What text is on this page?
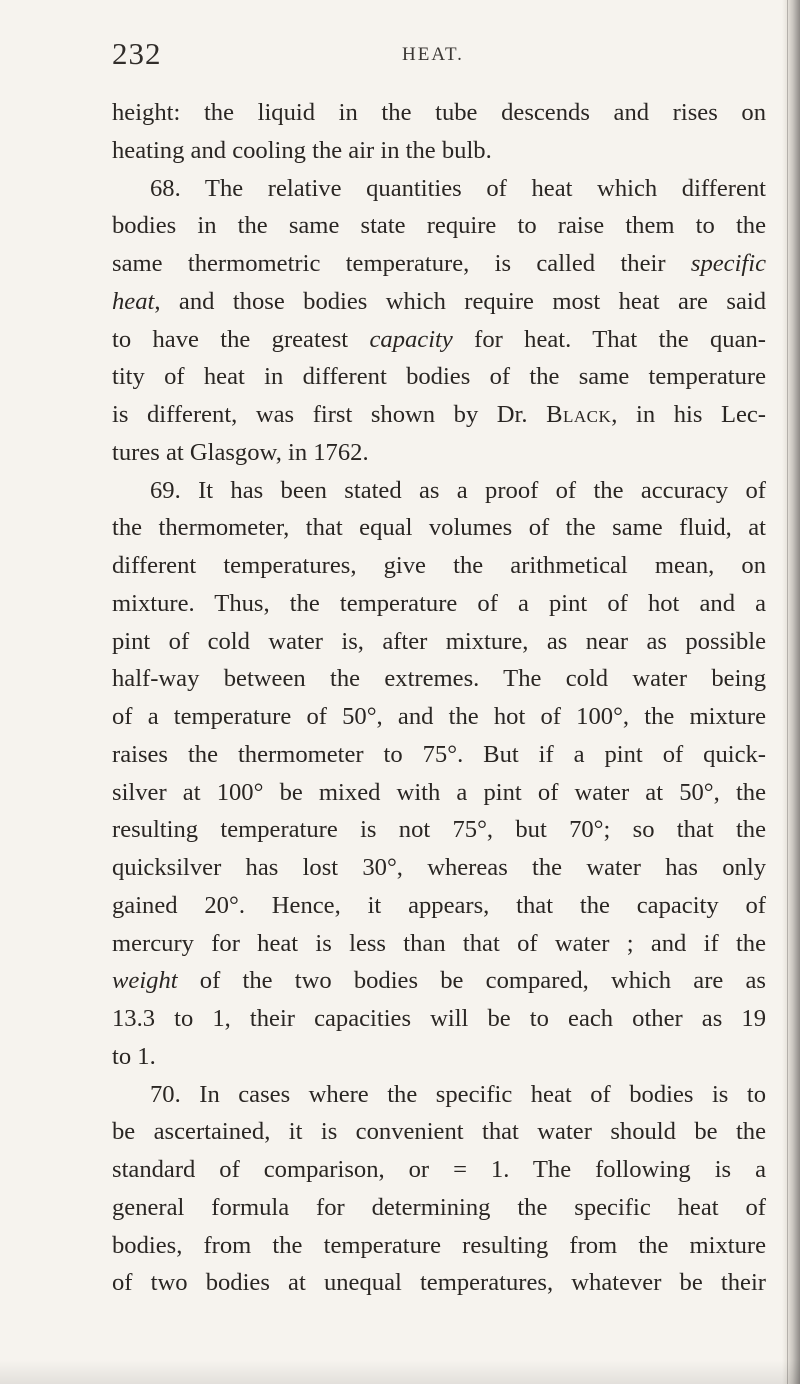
232	HEAT.
height: the liquid in the tube descends and rises on
heating and cooling the air in the bulb.
68. The relative quantities of heat which different
bodies in the same state require to raise them to the
same thermometric temperature, is called their specific
heat, and those bodies which require most heat are said
to have the greatest capacity for heat. That the quan-
tity of heat in different bodies of the same temperature
is different, was first shown by Dr. Black, in his Lec-
tures at Glasgow, in 1762.
69. It has been stated as a proof of the accuracy of
the thermometer, that equal volumes of the same fluid, at
different temperatures, give the arithmetical mean, on
mixture. Thus, the temperature of a pint of hot and a
pint of cold water is, after mixture, as near as possible
half-way between the extremes. The cold water being
of a temperature of 50°, and the hot of 100°, the mixture
raises the thermometer to 75°. But if a pint of quick-
silver at 100° be mixed with a pint of water at 50°, the
resulting temperature is not 75°, but 70°; so that the
quicksilver has lost 30°, whereas the water has only
gained 20°. Hence, it appears, that the capacity of
mercury for heat is less than that of water ; and if the
weight of the two bodies be compared, which are as
13.3 to 1, their capacities will be to each other as 19
to 1.
70. In cases where the specific heat of bodies is to
be ascertained, it is convenient that water should be the
standard of comparison, or = 1. The following is a
general formula for determining the specific heat of
bodies, from the temperature resulting from the mixture
of two bodies at unequal temperatures, whatever be their
